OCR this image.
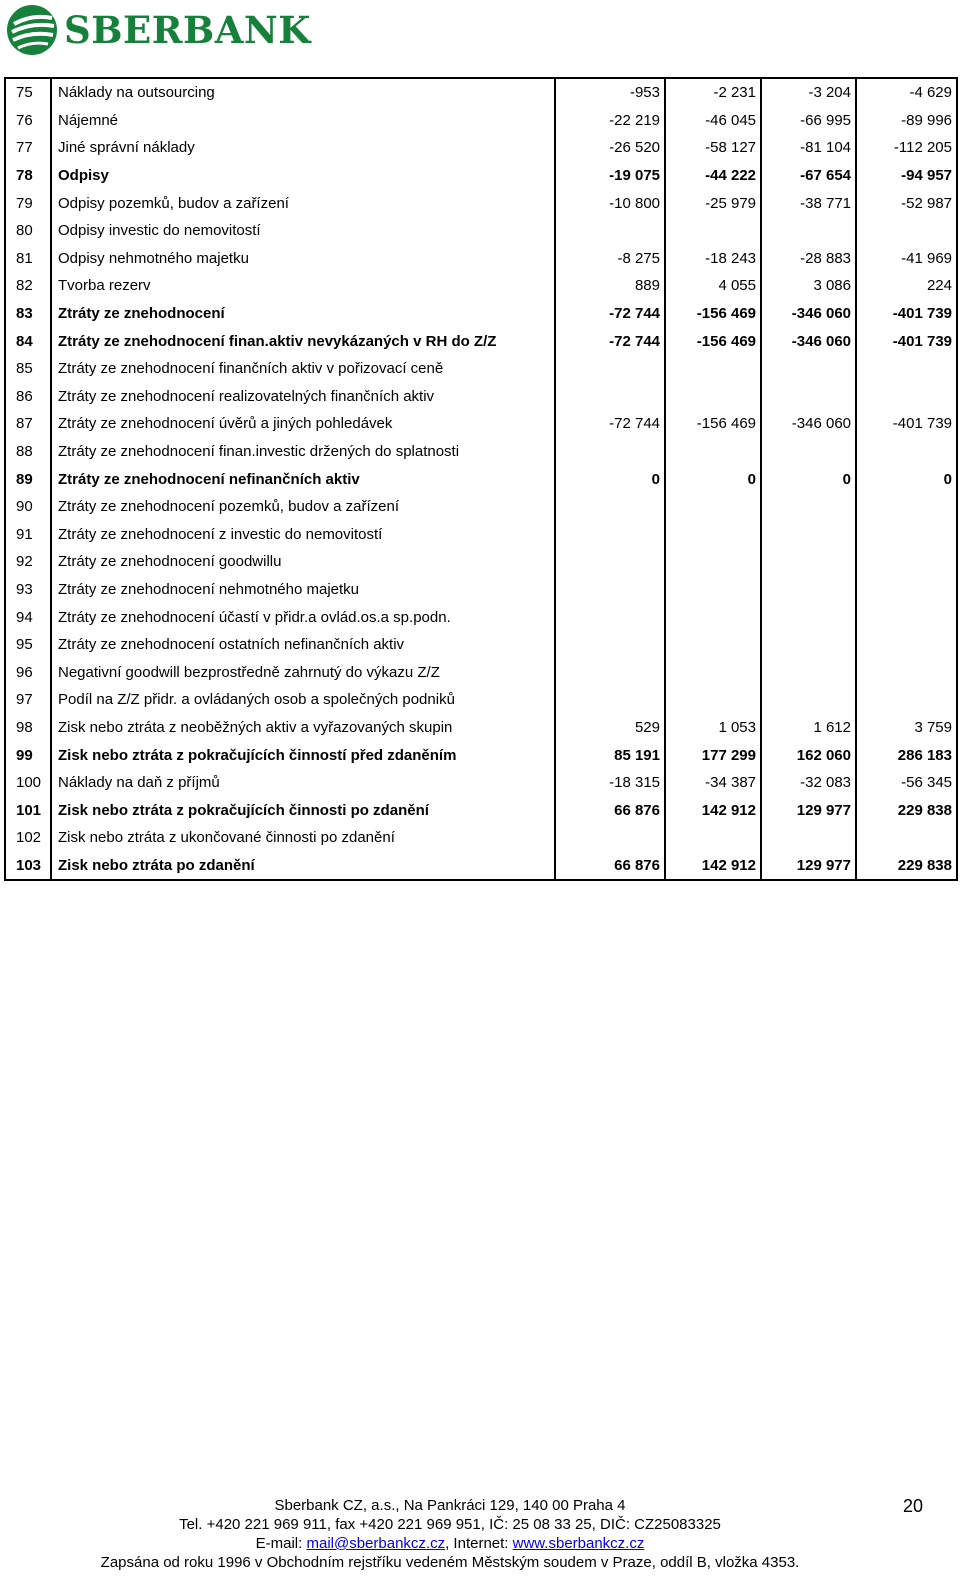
SBERBANK
75	Náklady na outsourcing	-953	-2 231	-3 204	-4 629
76	Nájemné	-22 219	-46 045	-66 995	-89 996
77	Jiné správní náklady	-26 520	-58 127	-81 104	-112 205
78	Odpisy	-19 075	-44 222	-67 654	-94 957
79	Odpisy pozemků, budov a zařízení	-10 800	-25 979	-38 771	-52 987
80	Odpisy investic do nemovitostí				
81	Odpisy nehmotného majetku	-8 275	-18 243	-28 883	-41 969
82	Tvorba rezerv	889	4 055	3 086	224
83	Ztráty ze znehodnocení	-72 744	-156 469	-346 060	-401 739
84	Ztráty ze znehodnocení finan.aktiv nevykázaných v RH do Z/Z	-72 744	-156 469	-346 060	-401 739
85	Ztráty ze znehodnocení finančních aktiv v pořizovací ceně				
86	Ztráty ze znehodnocení realizovatelných finančních aktiv				
87	Ztráty ze znehodnocení úvěrů a jiných pohledávek	-72 744	-156 469	-346 060	-401 739
88	Ztráty ze znehodnocení finan.investic držených do splatnosti				
89	Ztráty ze znehodnocení nefinančních aktiv	0	0	0	0
90	Ztráty ze znehodnocení pozemků, budov a zařízení				
91	Ztráty ze znehodnocení z investic do nemovitostí				
92	Ztráty ze znehodnocení goodwillu				
93	Ztráty ze znehodnocení nehmotného majetku				
94	Ztráty ze znehodnocení účastí v přidr.a ovlád.os.a sp.podn.				
95	Ztráty ze znehodnocení ostatních nefinančních aktiv				
96	Negativní goodwill bezprostředně zahrnutý do výkazu Z/Z				
97	Podíl na Z/Z přidr. a ovládaných osob a společných podniků				
98	Zisk nebo ztráta z neoběžných aktiv a vyřazovaných skupin	529	1 053	1 612	3 759
99	Zisk nebo ztráta z pokračujících činností před zdaněním	85 191	177 299	162 060	286 183
100	Náklady na daň z příjmů	-18 315	-34 387	-32 083	-56 345
101	Zisk nebo ztráta z pokračujících činnosti po zdanění	66 876	142 912	129 977	229 838
102	Zisk nebo ztráta z ukončované činnosti po zdanění				
103	Zisk nebo ztráta po zdanění	66 876	142 912	129 977	229 838
Sberbank CZ, a.s., Na Pankráci 129, 140 00 Praha 4
Tel. +420 221 969 911, fax +420 221 969 951, IČ: 25 08 33 25, DIČ: CZ25083325
E-mail: mail@sberbankcz.cz, Internet: www.sberbankcz.cz
Zapsána od roku 1996 v Obchodním rejstříku vedeném Městským soudem v Praze, oddíl B, vložka 4353.
20
